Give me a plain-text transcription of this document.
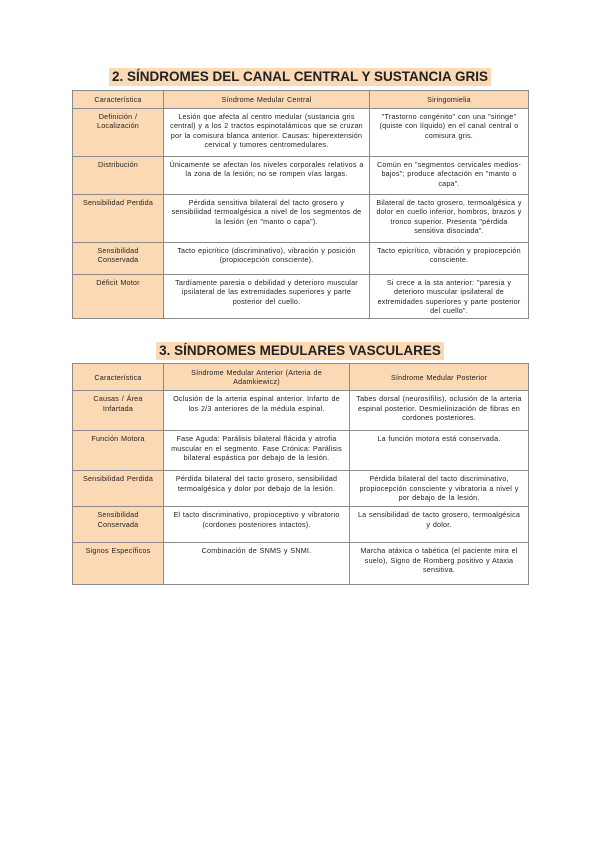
2. SÍNDROMES DEL CANAL CENTRAL Y SUSTANCIA GRIS
Característica	Síndrome Medular Central	Siringomielia
Definición / Localización	Lesión que afecta al centro medular (sustancia gris central) y a los 2 tractos espinotalámicos que se cruzan por la comisura blanca anterior. Causas: hiperextensión cervical y tumores centromedulares.	"Trastorno congénito" con una "siringe" (quiste con líquido) en el canal central o comisura gris.
Distribución	Únicamente se afectan los niveles corporales relativos a la zona de la lesión; no se rompen vías largas.	Común en "segmentos cervicales medios-bajos"; produce afectación en "manto o capa".
Sensibilidad Perdida	Pérdida sensitiva bilateral del tacto grosero y sensibilidad termoalgésica a nivel de los segmentos de la lesión (en "manto o capa").	Bilateral de tacto grosero, termoalgésica y dolor en cuello inferior, hombros, brazos y tronco superior. Presenta "pérdida sensitiva disociada".
Sensibilidad Conservada	Tacto epicrítico (discriminativo), vibración y posición (propiocepción consciente).	Tacto epicrítico, vibración y propiocepción consciente.
Déficit Motor	Tardíamente paresia o debilidad y deterioro muscular ipsilateral de las extremidades superiores y parte posterior del cuello.	Si crece a la sta anterior: "paresia y deterioro muscular ipsilateral de extremidades superiores y parte posterior del cuello".
3. SÍNDROMES MEDULARES VASCULARES
Característica	Síndrome Medular Anterior (Arteria de Adamkiewicz)	Síndrome Medular Posterior
Causas / Área Infartada	Oclusión de la arteria espinal anterior. Infarto de los 2/3 anteriores de la médula espinal.	Tabes dorsal (neurosífilis), oclusión de la arteria espinal posterior. Desmielinización de fibras en cordones posteriores.
Función Motora	Fase Aguda: Parálisis bilateral flácida y atrofia muscular en el segmento. Fase Crónica: Parálisis bilateral espástica por debajo de la lesión.	La función motora está conservada.
Sensibilidad Perdida	Pérdida bilateral del tacto grosero, sensibilidad termoalgésica y dolor por debajo de la lesión.	Pérdida bilateral del tacto discriminativo, propiocepción consciente y vibratoria a nivel y por debajo de la lesión.
Sensibilidad Conservada	El tacto discriminativo, propioceptivo y vibratorio (cordones posteriores intactos).	La sensibilidad de tacto grosero, termoalgésica y dolor.
Signos Específicos	Combinación de SNMS y SNMI.	Marcha atáxica o tabética (el paciente mira el suelo), Signo de Romberg positivo y Ataxia sensitiva.
